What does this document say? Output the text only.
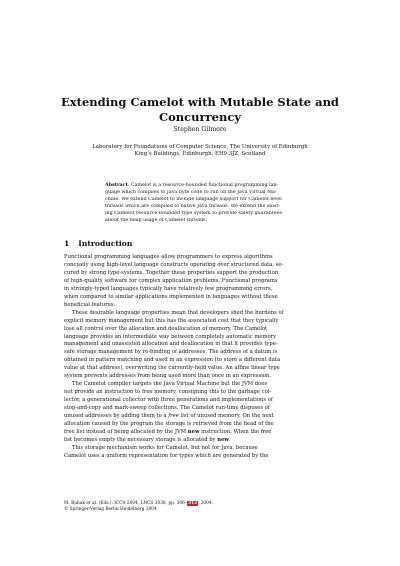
Extending Camelot with Mutable State and
Concurrency
Stephen Gilmore
Laboratory for Foundations of Computer Science, The University of Edinburgh
King’s Buildings, Edinburgh, EH9 3JZ, Scotland
Abstract. Camelot is a resource-bounded functional programming lan-
guage which compiles to Java byte code to run on the Java Virtual Ma-
chine. We extend Camelot to include language support for Camelot-level
threads which are compiled to native Java threads. We extend the exist-
ing Camelot resource-bounded type system to provide safety guarantees
about the heap usage of Camelot threads.
1 Introduction

Functional programming languages allow programmers to express algorithms
concisely using high-level language constructs operating over structured data, se-
cured by strong type-systems. Together these properties support the production
of high-quality software for complex application problems. Functional programs
in strongly-typed languages typically have relatively few programming errors,
when compared to similar applications implemented in languages without these
beneficial features.

These desirable language properties mean that developers shed the burdens of
explicit memory management but this has the associated cost that they typically
lose all control over the allocation and deallocation of memory. The Camelot
language provides an intermediate way between completely automatic memory
management and unassisted allocation and deallocation in that it provides type-
safe storage management by re-binding of addresses. The address of a datum is
obtained in pattern matching and used in an expression (to store a different data
value at that address), overwriting the currently-held value. An affine linear type
system prevents addresses from being used more than once in an expression.

The Camelot compiler targets the Java Virtual Machine but the JVM does
not provide an instruction to free memory, consigning this to the garbage col-
lector, a generational collector with three generations and implementations of
stop-and-copy and mark-sweep collections. The Camelot run-time disposes of
unused addresses by adding them to a free list of unused memory. On the next
allocation caused by the program the storage is retrieved from the head of the
free list instead of being allocated by the JVM new instruction. When the free
list becomes empty the necessary storage is allocated by new.

This storage mechanism works for Camelot, but not for Java, because
Camelot uses a uniform representation for types which are generated by the

M. Bubak et al. (Eds.): ICCS 2004, LNCS 3038, pp. 306–313, 2004.
© Springer-Verlag Berlin Heidelberg 2004
